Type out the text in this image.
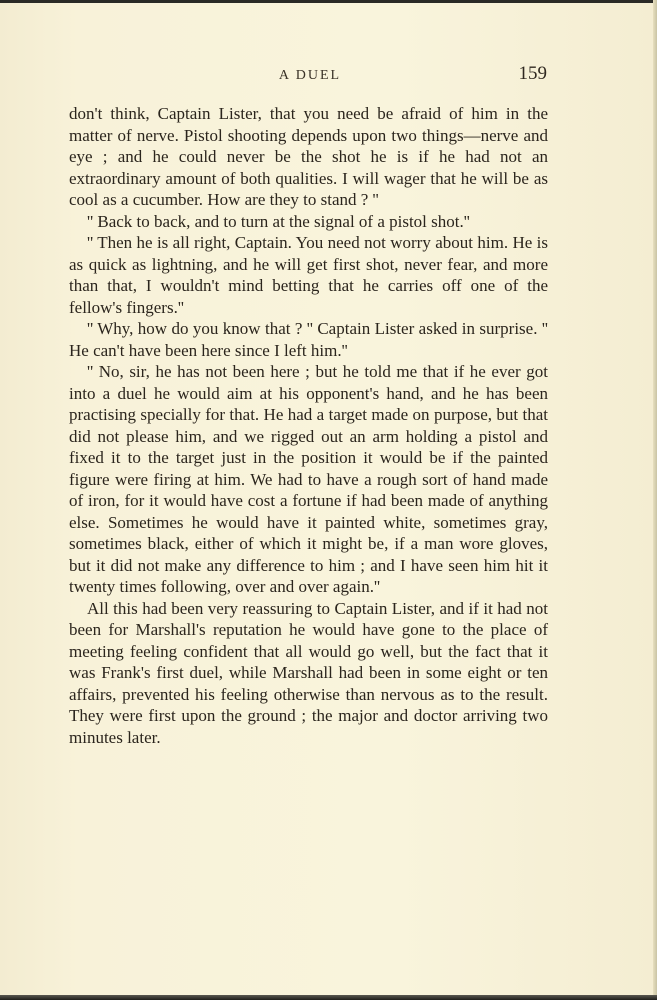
A DUEL	159

don't think, Captain Lister, that you need be afraid of him in the matter of nerve. Pistol shooting depends upon two things—nerve and eye ; and he could never be the shot he is if he had not an extraordinary amount of both qualities. I will wager that he will be as cool as a cucumber. How are they to stand ? ''

'' Back to back, and to turn at the signal of a pistol shot.''

'' Then he is all right, Captain. You need not worry about him. He is as quick as lightning, and he will get first shot, never fear, and more than that, I wouldn't mind betting that he carries off one of the fellow's fingers.''

'' Why, how do you know that ? '' Captain Lister asked in surprise. '' He can't have been here since I left him.''

'' No, sir, he has not been here ; but he told me that if he ever got into a duel he would aim at his opponent's hand, and he has been practising specially for that. He had a target made on purpose, but that did not please him, and we rigged out an arm holding a pistol and fixed it to the target just in the position it would be if the painted figure were firing at him. We had to have a rough sort of hand made of iron, for it would have cost a fortune if had been made of anything else. Sometimes he would have it painted white, sometimes gray, sometimes black, either of which it might be, if a man wore gloves, but it did not make any difference to him ; and I have seen him hit it twenty times following, over and over again.''

All this had been very reassuring to Captain Lister, and if it had not been for Marshall's reputation he would have gone to the place of meeting feeling confident that all would go well, but the fact that it was Frank's first duel, while Marshall had been in some eight or ten affairs, prevented his feeling otherwise than nervous as to the result. They were first upon the ground ; the major and doctor arriving two minutes later.
